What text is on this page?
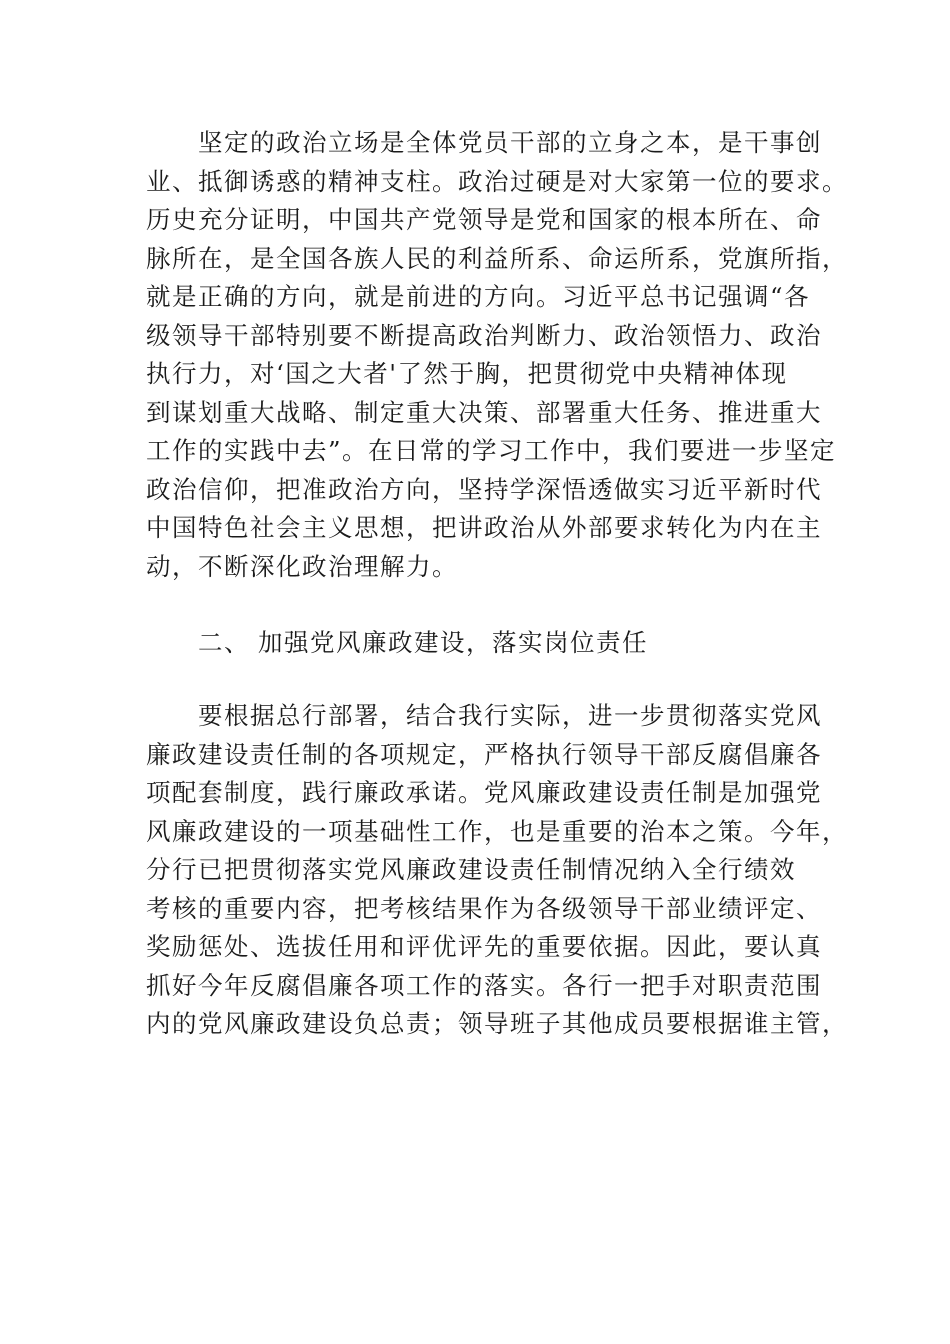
坚定的政治立场是全体党员干部的立身之本，是干事创
业、抵御诱惑的精神支柱。政治过硬是对大家第一位的要求。
历史充分证明，中国共产党领导是党和国家的根本所在、命
脉所在，是全国各族人民的利益所系、命运所系，党旗所指，
就是正确的方向，就是前进的方向。习近平总书记强调“各
级领导干部特别要不断提高政治判断力、政治领悟力、政治
执行力，对‘国之大者'了然于胸，把贯彻党中央精神体现
到谋划重大战略、制定重大决策、部署重大任务、推进重大
工作的实践中去”。在日常的学习工作中，我们要进一步坚定
政治信仰，把准政治方向，坚持学深悟透做实习近平新时代
中国特色社会主义思想，把讲政治从外部要求转化为内在主
动，不断深化政治理解力。
二、 加强党风廉政建设，落实岗位责任
要根据总行部署，结合我行实际，进一步贯彻落实党风
廉政建设责任制的各项规定，严格执行领导干部反腐倡廉各
项配套制度，践行廉政承诺。党风廉政建设责任制是加强党
风廉政建设的一项基础性工作，也是重要的治本之策。今年，
分行已把贯彻落实党风廉政建设责任制情况纳入全行绩效
考核的重要内容，把考核结果作为各级领导干部业绩评定、
奖励惩处、选拔任用和评优评先的重要依据。因此，要认真
抓好今年反腐倡廉各项工作的落实。各行一把手对职责范围
内的党风廉政建设负总责；领导班子其他成员要根据谁主管，
